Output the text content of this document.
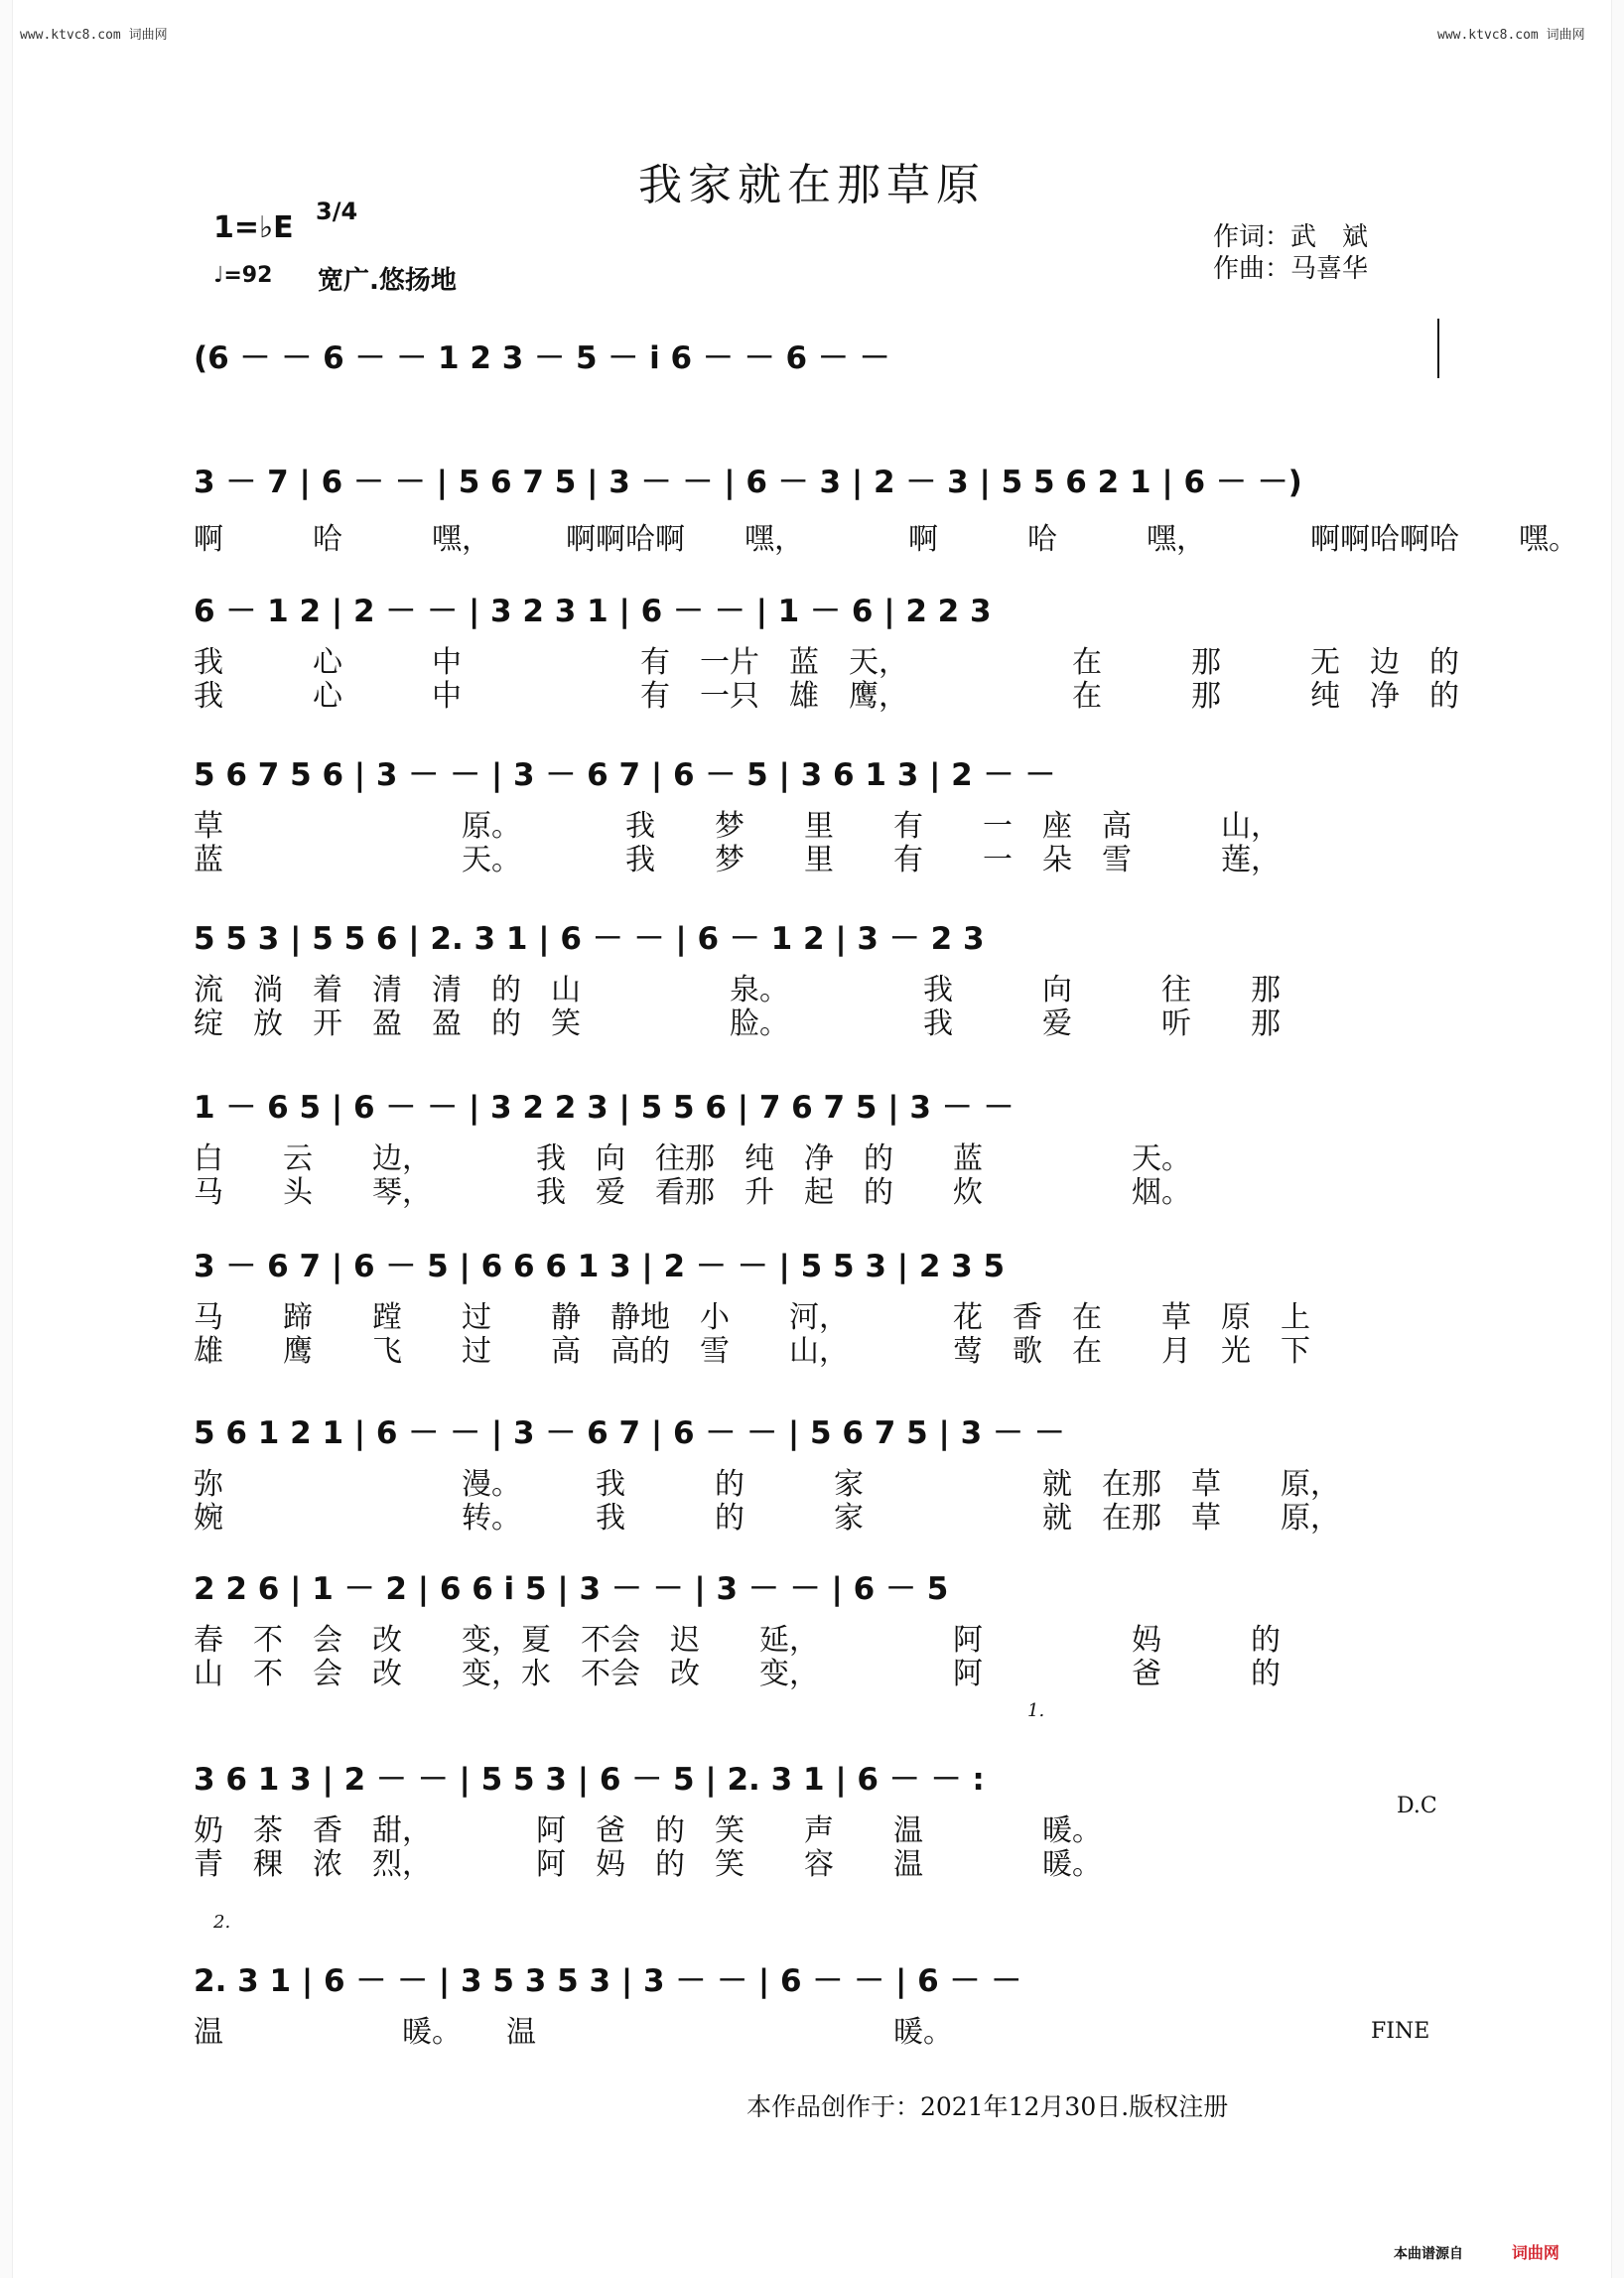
www.ktvc8.com 词曲网	www.ktvc8.com 词曲网
我家就在那草原
1=♭E 3/4
♩=92 宽广.悠扬地
作词：武　斌
作曲：马喜华
(6 － － 6 － － 1 2 3 － 5 － i 6 － － 6 － －
3 － 7 | 6 － － | 5 6 7 5 | 3 － － | 6 － 3 | 2 － 3 | 5 5 6 2 1 | 6 － －)
啊　　　哈　　　嘿，　　　啊啊哈啊　　嘿，　　　　啊　　　哈　　　嘿，　　　　啊啊哈啊哈　　嘿。
6 － 1 2 | 2 － － | 3 2 3 1 | 6 － － | 1 － 6 | 2 2 3
我　　　心　　　中　　　　　　有　一片　蓝　天，　　　　　　在　　　那　　　无　边　的
我　　　心　　　中　　　　　　有　一只　雄　鹰，　　　　　　在　　　那　　　纯　净　的
5 6 7 5 6 | 3 － － | 3 － 6 7 | 6 － 5 | 3 6 1 3 | 2 － －
草　　　　　　　　原。　　　　我　　梦　　里　　有　　一　座　高　　　山，
蓝　　　　　　　　天。　　　　我　　梦　　里　　有　　一　朵　雪　　　莲，
5 5 3 | 5 5 6 | 2. 3 1 | 6 － － | 6 － 1 2 | 3 － 2 3
流　淌　着　清　清　的　山　　　　　泉。　　　　　我　　　向　　　往　　那
绽　放　开　盈　盈　的　笑　　　　　脸。　　　　　我　　　爱　　　听　　那
1 － 6 5 | 6 － － | 3 2 2 3 | 5 5 6 | 7 6 7 5 | 3 － －
白　　云　　边，　　　　我　向　往那　纯　净　的　　蓝　　　　　天。
马　　头　　琴，　　　　我　爱　看那　升　起　的　　炊　　　　　烟。
3 － 6 7 | 6 － 5 | 6 6 6 1 3 | 2 － － | 5 5 3 | 2 3 5
马　　蹄　　蹚　　过　　静　静地　小　　河，　　　　花　香　在　　草　原　上
雄　　鹰　　飞　　过　　高　高的　雪　　山，　　　　莺　歌　在　　月　光　下
5 6 1 2 1 | 6 － － | 3 － 6 7 | 6 － － | 5 6 7 5 | 3 － －
弥　　　　　　　　漫。　　　我　　　的　　　家　　　　　　就　在那　草　　原，
婉　　　　　　　　转。　　　我　　　的　　　家　　　　　　就　在那　草　　原，
2 2 6 | 1 － 2 | 6 6 i 5 | 3 － － | 3 － － | 6 － 5
春　不　会　改　　变，夏　不会　迟　　延，　　　　　阿　　　　　妈　　　的
山　不　会　改　　变，水　不会　改　　变，　　　　　阿　　　　　爸　　　的
1.
3 6 1 3 | 2 － － | 5 5 3 | 6 － 5 | 2. 3 1 | 6 － － :
奶　茶　香　甜，　　　　阿　爸　的　笑　　声　　温　　　　暖。
青　稞　浓　烈，　　　　阿　妈　的　笑　　容　　温　　　　暖。
D.C
2.
2. 3 1 | 6 － － | 3 5 3 5 3 | 3 － － | 6 － － | 6 － －
温　　　　　　暖。　　温　　　　　　　　　　　　暖。	FINE
本作品创作于：2021年12月30日.版权注册
本曲谱源自	词曲网
